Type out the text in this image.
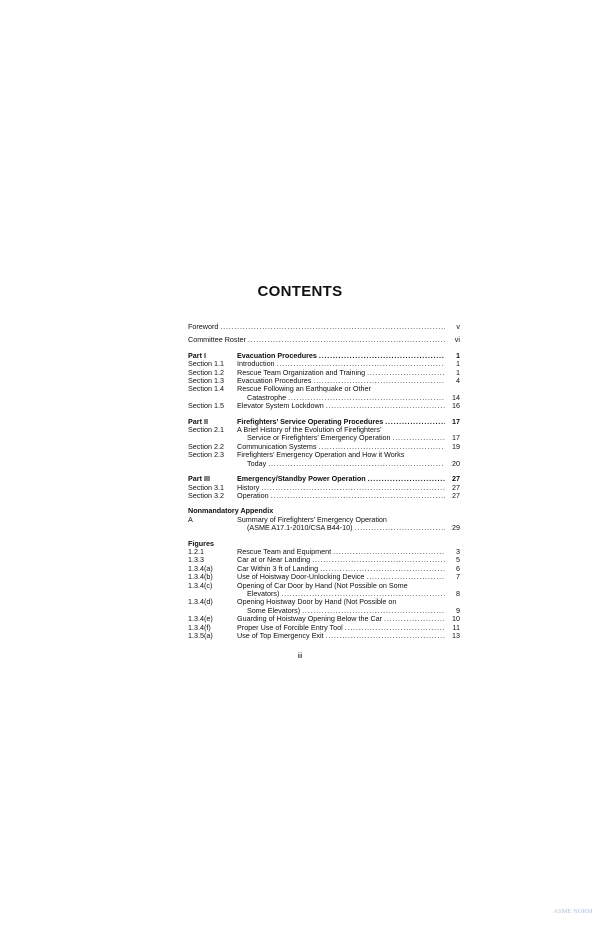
CONTENTS
Foreword . . .	v
Committee Roster . . .	vi
Part I	Evacuation Procedures . . .	1
Section 1.1	Introduction . . .	1
Section 1.2	Rescue Team Organization and Training . . .	1
Section 1.3	Evacuation Procedures . . .	4
Section 1.4	Rescue Following an Earthquake or Other
Catastrophe . . .	14
Section 1.5	Elevator System Lockdown . . .	16
Part II	Firefighters’ Service Operating Procedures . . .	17
Section 2.1	A Brief History of the Evolution of Firefighters’
Service or Firefighters’ Emergency Operation . . .	17
Section 2.2	Communication Systems . . .	19
Section 2.3	Firefighters’ Emergency Operation and How it Works
Today . . .	20
Part III	Emergency/Standby Power Operation . . .	27
Section 3.1	History . . .	27
Section 3.2	Operation . . .	27
Nonmandatory Appendix
A	Summary of Firefighters’ Emergency Operation
(ASME A17.1-2010/CSA B44-10) . . .	29
Figures
1.2.1	Rescue Team and Equipment . . .	3
1.3.3	Car at or Near Landing . . .	5
1.3.4(a)	Car Within 3 ft of Landing . . .	6
1.3.4(b)	Use of Hoistway Door-Unlocking Device . . .	7
1.3.4(c)	Opening of Car Door by Hand (Not Possible on Some
Elevators) . . .	8
1.3.4(d)	Opening Hoistway Door by Hand (Not Possible on
Some Elevators) . . .	9
1.3.4(e)	Guarding of Hoistway Opening Below the Car . . .	10
1.3.4(f)	Proper Use of Forcible Entry Tool . . .	11
1.3.5(a)	Use of Top Emergency Exit . . .	13
iii
ASME NORM
